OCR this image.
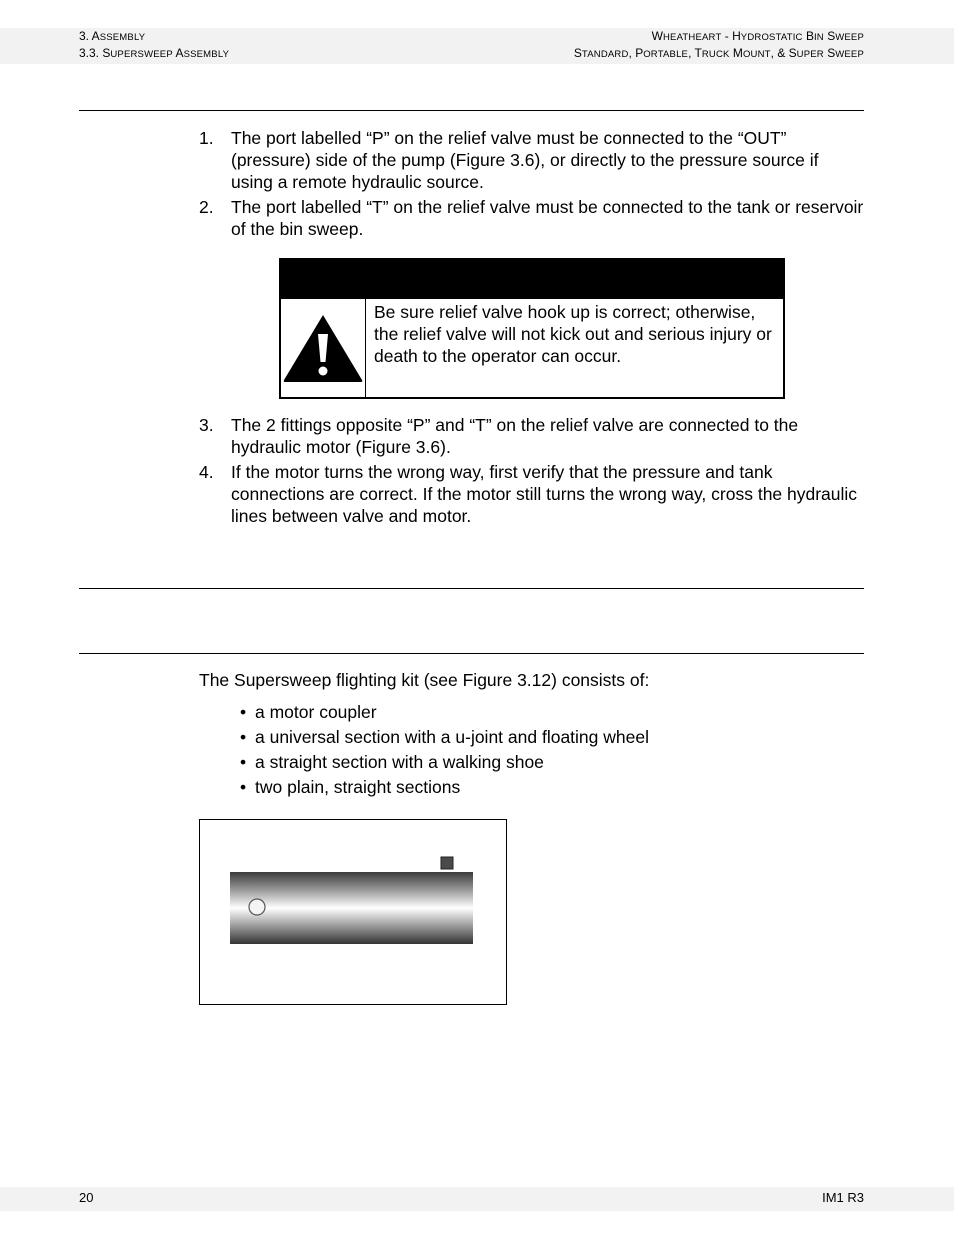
3. ASSEMBLY
3.3. SUPERSWEEP ASSEMBLY
WHEATHEART - HYDROSTATIC BIN SWEEP
STANDARD, PORTABLE, TRUCK MOUNT, & SUPER SWEEP
1. The port labelled “P” on the relief valve must be connected to the “OUT” (pressure) side of the pump (Figure 3.6), or directly to the pressure source if using a remote hydraulic source.
2. The port labelled “T” on the relief valve must be connected to the tank or reservoir of the bin sweep.
Be sure relief valve hook up is correct; otherwise, the relief valve will not kick out and serious injury or death to the operator can occur.
3. The 2 fittings opposite “P” and “T” on the relief valve are connected to the hydraulic motor (Figure 3.6).
4. If the motor turns the wrong way, first verify that the pressure and tank connections are correct. If the motor still turns the wrong way, cross the hydraulic lines between valve and motor.
The Supersweep flighting kit (see Figure 3.12) consists of:
• a motor coupler
• a universal section with a u-joint and floating wheel
• a straight section with a walking shoe
• two plain, straight sections
20	IM1 R3
